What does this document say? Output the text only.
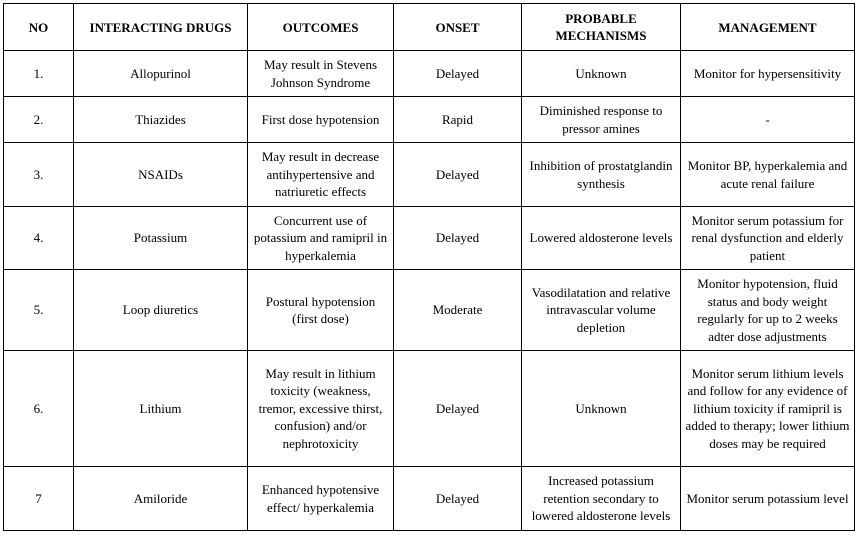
NO	INTERACTING DRUGS	OUTCOMES	ONSET	PROBABLE MECHANISMS	MANAGEMENT
1.	Allopurinol	May result in Stevens Johnson Syndrome	Delayed	Unknown	Monitor for hypersensitivity
2.	Thiazides	First dose hypotension	Rapid	Diminished response to pressor amines	-
3.	NSAIDs	May result in decrease antihypertensive and natriuretic effects	Delayed	Inhibition of prostatglandin synthesis	Monitor BP, hyperkalemia and acute renal failure
4.	Potassium	Concurrent use of potassium and ramipril in hyperkalemia	Delayed	Lowered aldosterone levels	Monitor serum potassium for renal dysfunction and elderly patient
5.	Loop diuretics	Postural hypotension (first dose)	Moderate	Vasodilatation and relative intravascular volume depletion	Monitor hypotension, fluid status and body weight regularly for up to 2 weeks adter dose adjustments
6.	Lithium	May result in lithium toxicity (weakness, tremor, excessive thirst, confusion) and/or nephrotoxicity	Delayed	Unknown	Monitor serum lithium levels and follow for any evidence of lithium toxicity if ramipril is added to therapy; lower lithium doses may be required
7	Amiloride	Enhanced hypotensive effect/ hyperkalemia	Delayed	Increased potassium retention secondary to lowered aldosterone levels	Monitor serum potassium level
